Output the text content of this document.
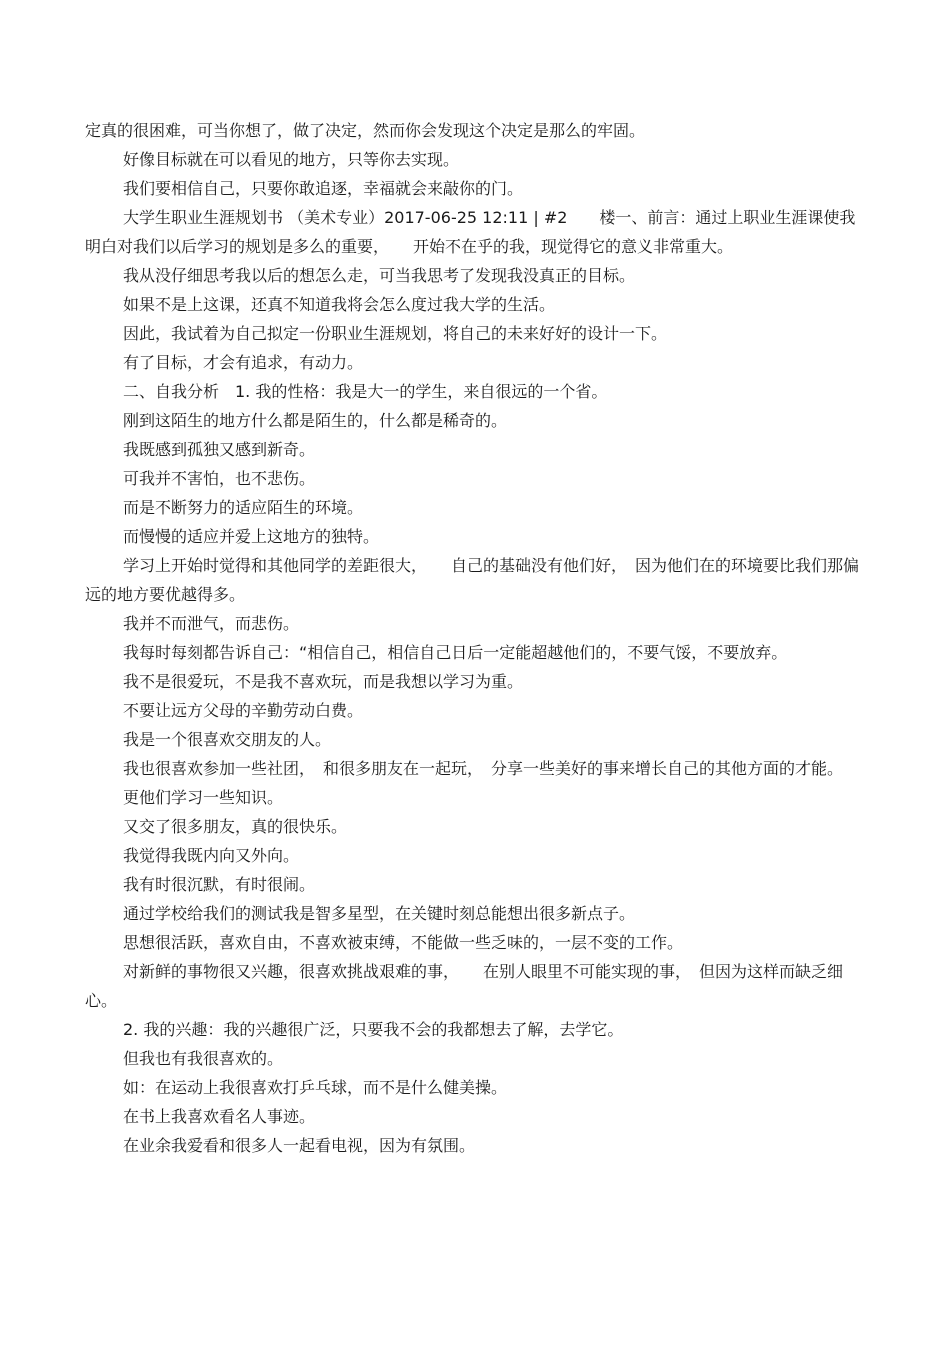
定真的很困难，可当你想了，做了决定，然而你会发现这个决定是那么的牢固。

好像目标就在可以看见的地方，只等你去实现。

我们要相信自己，只要你敢追逐，幸福就会来敲你的门。

大学生职业生涯规划书 （美术专业）2017-06-25 12:11 | #2　　楼一、前言：通过上职业生涯课使我明白对我们以后学习的规划是多么的重要，　　开始不在乎的我，现觉得它的意义非常重大。

我从没仔细思考我以后的想怎么走，可当我思考了发现我没真正的目标。

如果不是上这课，还真不知道我将会怎么度过我大学的生活。

因此，我试着为自己拟定一份职业生涯规划，将自己的未来好好的设计一下。

有了目标，才会有追求，有动力。

二、自我分析　1. 我的性格：我是大一的学生，来自很远的一个省。

刚到这陌生的地方什么都是陌生的，什么都是稀奇的。

我既感到孤独又感到新奇。

可我并不害怕，也不悲伤。

而是不断努力的适应陌生的环境。

而慢慢的适应并爱上这地方的独特。

学习上开始时觉得和其他同学的差距很大，　　自己的基础没有他们好，　因为他们在的环境要比我们那偏远的地方要优越得多。

我并不而泄气，而悲伤。

我每时每刻都告诉自己：“相信自己，相信自己日后一定能超越他们的，不要气馁，不要放弃。

我不是很爱玩，不是我不喜欢玩，而是我想以学习为重。

不要让远方父母的辛勤劳动白费。

我是一个很喜欢交朋友的人。

我也很喜欢参加一些社团，　和很多朋友在一起玩，　分享一些美好的事来增长自己的其他方面的才能。

更他们学习一些知识。

又交了很多朋友，真的很快乐。

我觉得我既内向又外向。

我有时很沉默，有时很闹。

通过学校给我们的测试我是智多星型，在关键时刻总能想出很多新点子。

思想很活跃，喜欢自由，不喜欢被束缚，不能做一些乏味的，一层不变的工作。

对新鲜的事物很又兴趣，很喜欢挑战艰难的事，　　在别人眼里不可能实现的事，　但因为这样而缺乏细心。

2. 我的兴趣：我的兴趣很广泛，只要我不会的我都想去了解，去学它。

但我也有我很喜欢的。

如：在运动上我很喜欢打乒乓球，而不是什么健美操。

在书上我喜欢看名人事迹。

在业余我爱看和很多人一起看电视，因为有氛围。
